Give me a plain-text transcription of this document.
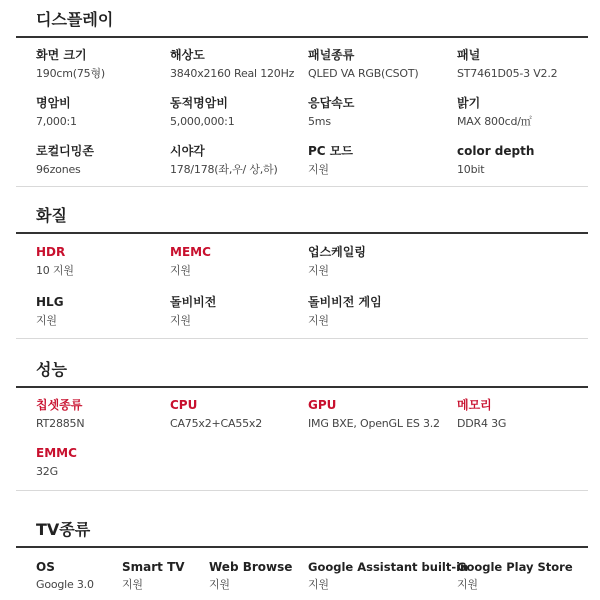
디스플레이
화면 크기
190cm(75형)
해상도
3840x2160 Real 120Hz
패널종류
QLED VA RGB(CSOT)
패널
ST7461D05-3 V2.2
명암비
7,000:1
동적명암비
5,000,000:1
응답속도
5ms
밝기
MAX 800cd/㎡
로컬디밍존
96zones
시야각
178/178(좌,우/ 상,하)
PC 모드
지원
color depth
10bit
화질
HDR
10 지원
MEMC
지원
업스케일링
지원
HLG
지원
돌비비전
지원
돌비비전 게임
지원
성능
칩셋종류
RT2885N
CPU
CA75x2+CA55x2
GPU
IMG BXE, OpenGL ES 3.2
메모리
DDR4 3G
EMMC
32G
TV종류
OS
Google 3.0
Smart TV
지원
Web Browse
지원
Google Assistant built-in
지원
Google Play Store
지원
